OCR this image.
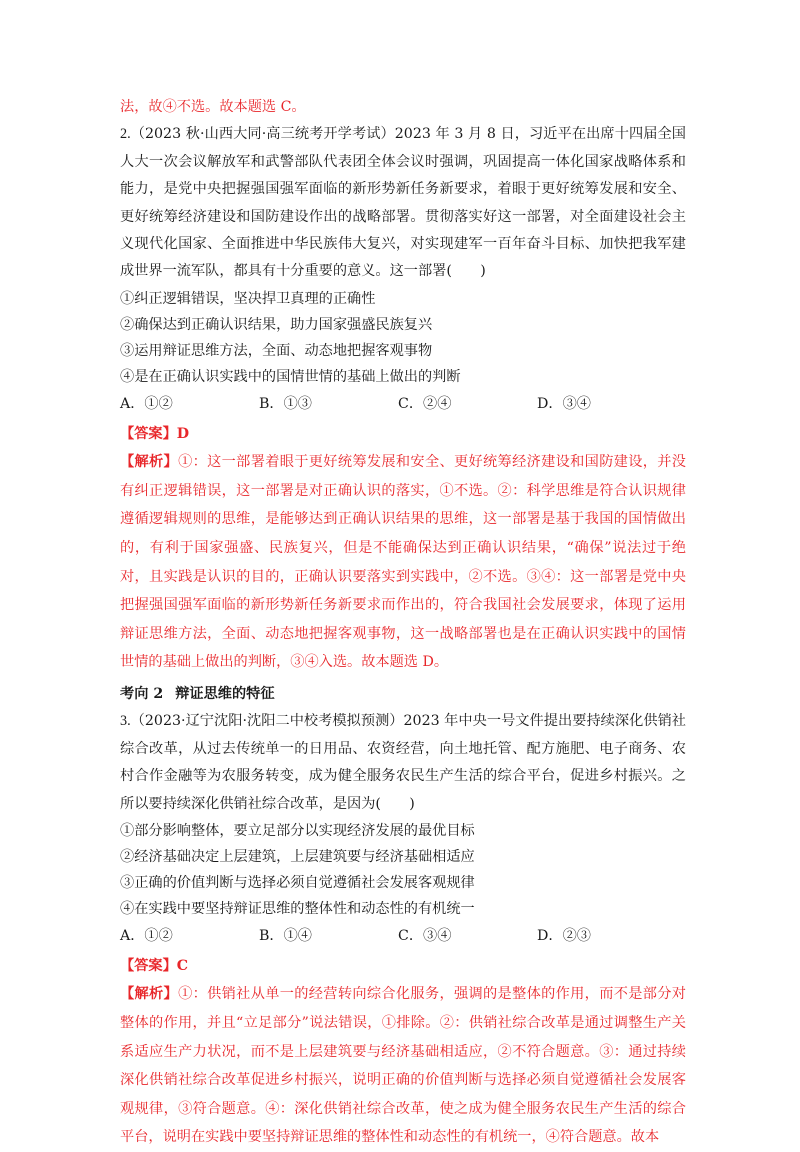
法，故④不选。故本题选 C。

2.（2023 秋·山西大同·高三统考开学考试）2023 年 3 月 8 日，习近平在出席十四届全国人大一次会议解放军和武警部队代表团全体会议时强调，巩固提高一体化国家战略体系和能力，是党中央把握强国强军面临的新形势新任务新要求，着眼于更好统筹发展和安全、更好统筹经济建设和国防建设作出的战略部署。贯彻落实好这一部署，对全面建设社会主义现代化国家、全面推进中华民族伟大复兴，对实现建军一百年奋斗目标、加快把我军建成世界一流军队，都具有十分重要的意义。这一部署(　　)

①纠正逻辑错误，坚决捍卫真理的正确性

②确保达到正确认识结果，助力国家强盛民族复兴

③运用辩证思维方法，全面、动态地把握客观事物

④是在正确认识实践中的国情世情的基础上做出的判断

A．①②	B．①③	C．②④	D．③④

【答案】D

【解析】①：这一部署着眼于更好统筹发展和安全、更好统筹经济建设和国防建设，并没有纠正逻辑错误，这一部署是对正确认识的落实，①不选。②：科学思维是符合认识规律遵循逻辑规则的思维，是能够达到正确认识结果的思维，这一部署是基于我国的国情做出的，有利于国家强盛、民族复兴，但是不能确保达到正确认识结果，“确保”说法过于绝对，且实践是认识的目的，正确认识要落实到实践中，②不选。③④：这一部署是党中央把握强国强军面临的新形势新任务新要求而作出的，符合我国社会发展要求，体现了运用辩证思维方法，全面、动态地把握客观事物，这一战略部署也是在正确认识实践中的国情世情的基础上做出的判断，③④入选。故本题选 D。

考向 2 辩证思维的特征

3.（2023·辽宁沈阳·沈阳二中校考模拟预测）2023 年中央一号文件提出要持续深化供销社综合改革，从过去传统单一的日用品、农资经营，向土地托管、配方施肥、电子商务、农村合作金融等为农服务转变，成为健全服务农民生产生活的综合平台，促进乡村振兴。之所以要持续深化供销社综合改革，是因为(　　)

①部分影响整体，要立足部分以实现经济发展的最优目标

②经济基础决定上层建筑，上层建筑要与经济基础相适应

③正确的价值判断与选择必须自觉遵循社会发展客观规律

④在实践中要坚持辩证思维的整体性和动态性的有机统一

A．①②	B．①④	C．③④	D．②③

【答案】C

【解析】①：供销社从单一的经营转向综合化服务，强调的是整体的作用，而不是部分对整体的作用，并且“立足部分”说法错误，①排除。②：供销社综合改革是通过调整生产关系适应生产力状况，而不是上层建筑要与经济基础相适应，②不符合题意。③：通过持续深化供销社综合改革促进乡村振兴，说明正确的价值判断与选择必须自觉遵循社会发展客观规律，③符合题意。④：深化供销社综合改革，使之成为健全服务农民生产生活的综合平台，说明在实践中要坚持辩证思维的整体性和动态性的有机统一，④符合题意。故本
